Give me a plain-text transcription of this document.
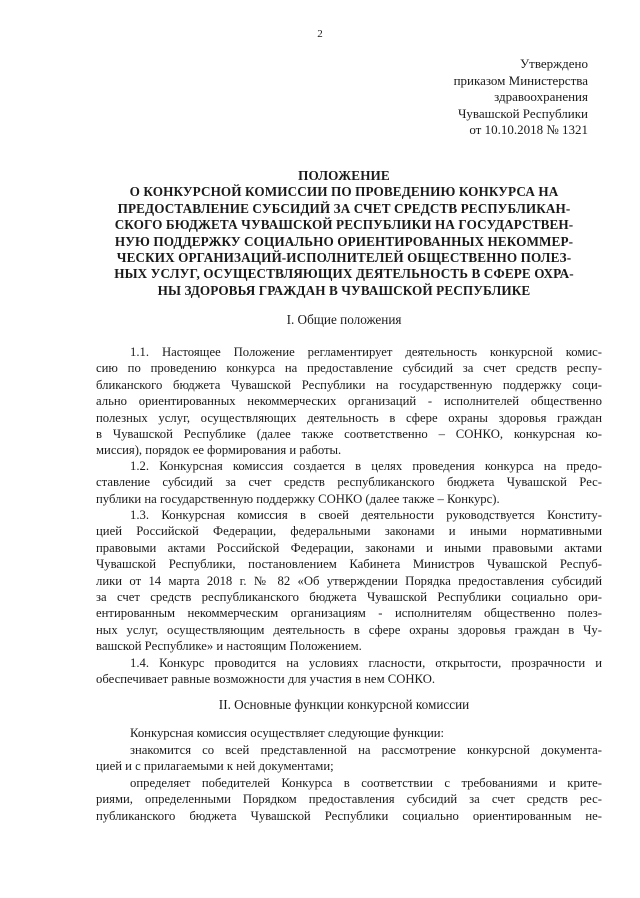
2
Утверждено
приказом Министерства
здравоохранения
Чувашской Республики
от 10.10.2018 № 1321
ПОЛОЖЕНИЕ
О КОНКУРСНОЙ КОМИССИИ ПО ПРОВЕДЕНИЮ КОНКУРСА НА
ПРЕДОСТАВЛЕНИЕ СУБСИДИЙ ЗА СЧЕТ СРЕДСТВ РЕСПУБЛИКАН-
СКОГО БЮДЖЕТА ЧУВАШСКОЙ РЕСПУБЛИКИ НА ГОСУДАРСТВЕН-
НУЮ ПОДДЕРЖКУ СОЦИАЛЬНО ОРИЕНТИРОВАННЫХ НЕКОММЕР-
ЧЕСКИХ ОРГАНИЗАЦИЙ-ИСПОЛНИТЕЛЕЙ ОБЩЕСТВЕННО ПОЛЕЗ-
НЫХ УСЛУГ, ОСУЩЕСТВЛЯЮЩИХ ДЕЯТЕЛЬНОСТЬ В СФЕРЕ ОХРА-
НЫ ЗДОРОВЬЯ ГРАЖДАН В ЧУВАШСКОЙ РЕСПУБЛИКЕ
I. Общие положения
1.1. Настоящее Положение регламентирует деятельность конкурсной комис-
сию по проведению конкурса на предоставление субсидий за счет средств респу-
бликанского бюджета Чувашской Республики на государственную поддержку соци-
ально ориентированных некоммерческих организаций - исполнителей общественно
полезных услуг, осуществляющих деятельность в сфере охраны здоровья граждан
в Чувашской Республике (далее также соответственно – СОНКО, конкурсная ко-
миссия), порядок ее формирования и работы.
1.2. Конкурсная комиссия создается в целях проведения конкурса на предо-
ставление субсидий за счет средств республиканского бюджета Чувашской Рес-
публики на государственную поддержку СОНКО (далее также – Конкурс).
1.3. Конкурсная комиссия в своей деятельности руководствуется Конститу-
цией Российской Федерации, федеральными законами и иными нормативными
правовыми актами Российской Федерации, законами и иными правовыми актами
Чувашской Республики, постановлением Кабинета Министров Чувашской Респуб-
лики от 14 марта 2018 г. № 82 «Об утверждении Порядка предоставления субсидий
за счет средств республиканского бюджета Чувашской Республики социально ори-
ентированным некоммерческим организациям - исполнителям общественно полез-
ных услуг, осуществляющим деятельность в сфере охраны здоровья граждан в Чу-
вашской Республике» и настоящим Положением.
1.4. Конкурс проводится на условиях гласности, открытости, прозрачности и
обеспечивает равные возможности для участия в нем СОНКО.
II. Основные функции конкурсной комиссии
Конкурсная комиссия осуществляет следующие функции:
знакомится со всей представленной на рассмотрение конкурсной документа-
цией и с прилагаемыми к ней документами;
определяет победителей Конкурса в соответствии с требованиями и крите-
риями, определенными Порядком предоставления субсидий за счет средств рес-
публиканского бюджета Чувашской Республики социально ориентированным не-
